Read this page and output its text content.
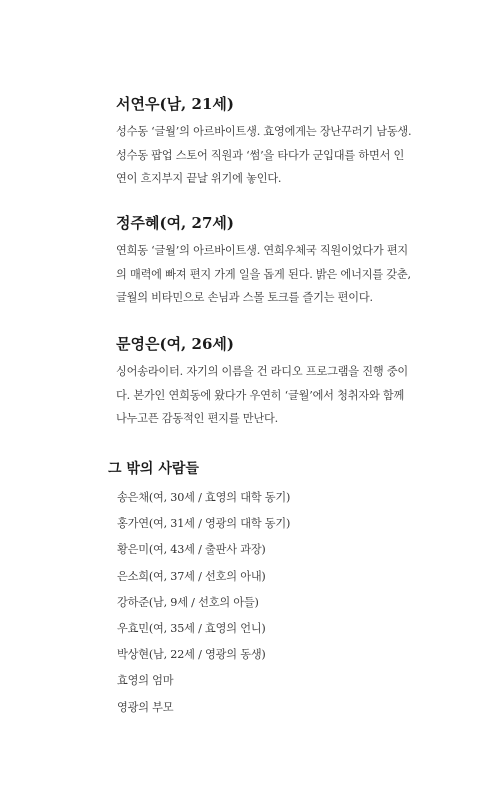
서연우(남, 21세)
성수동 ‘글월’의 아르바이트생. 효영에게는 장난꾸러기 남동생.
성수동 팝업 스토어 직원과 ‘썸’을 타다가 군입대를 하면서 인
연이 흐지부지 끝날 위기에 놓인다.
정주혜(여, 27세)
연희동 ‘글월’의 아르바이트생. 연희우체국 직원이었다가 편지
의 매력에 빠져 편지 가게 일을 돕게 된다. 밝은 에너지를 갖춘,
글월의 비타민으로 손님과 스몰 토크를 즐기는 편이다.
문영은(여, 26세)
싱어송라이터. 자기의 이름을 건 라디오 프로그램을 진행 중이
다. 본가인 연희동에 왔다가 우연히 ‘글월’에서 청취자와 함께
나누고픈 감동적인 편지를 만난다.
그 밖의 사람들
송은채(여, 30세 / 효영의 대학 동기)
홍가연(여, 31세 / 영광의 대학 동기)
황은미(여, 43세 / 출판사 과장)
은소희(여, 37세 / 선호의 아내)
강하준(남, 9세 / 선호의 아들)
우효민(여, 35세 / 효영의 언니)
박상현(남, 22세 / 영광의 동생)
효영의 엄마
영광의 부모
